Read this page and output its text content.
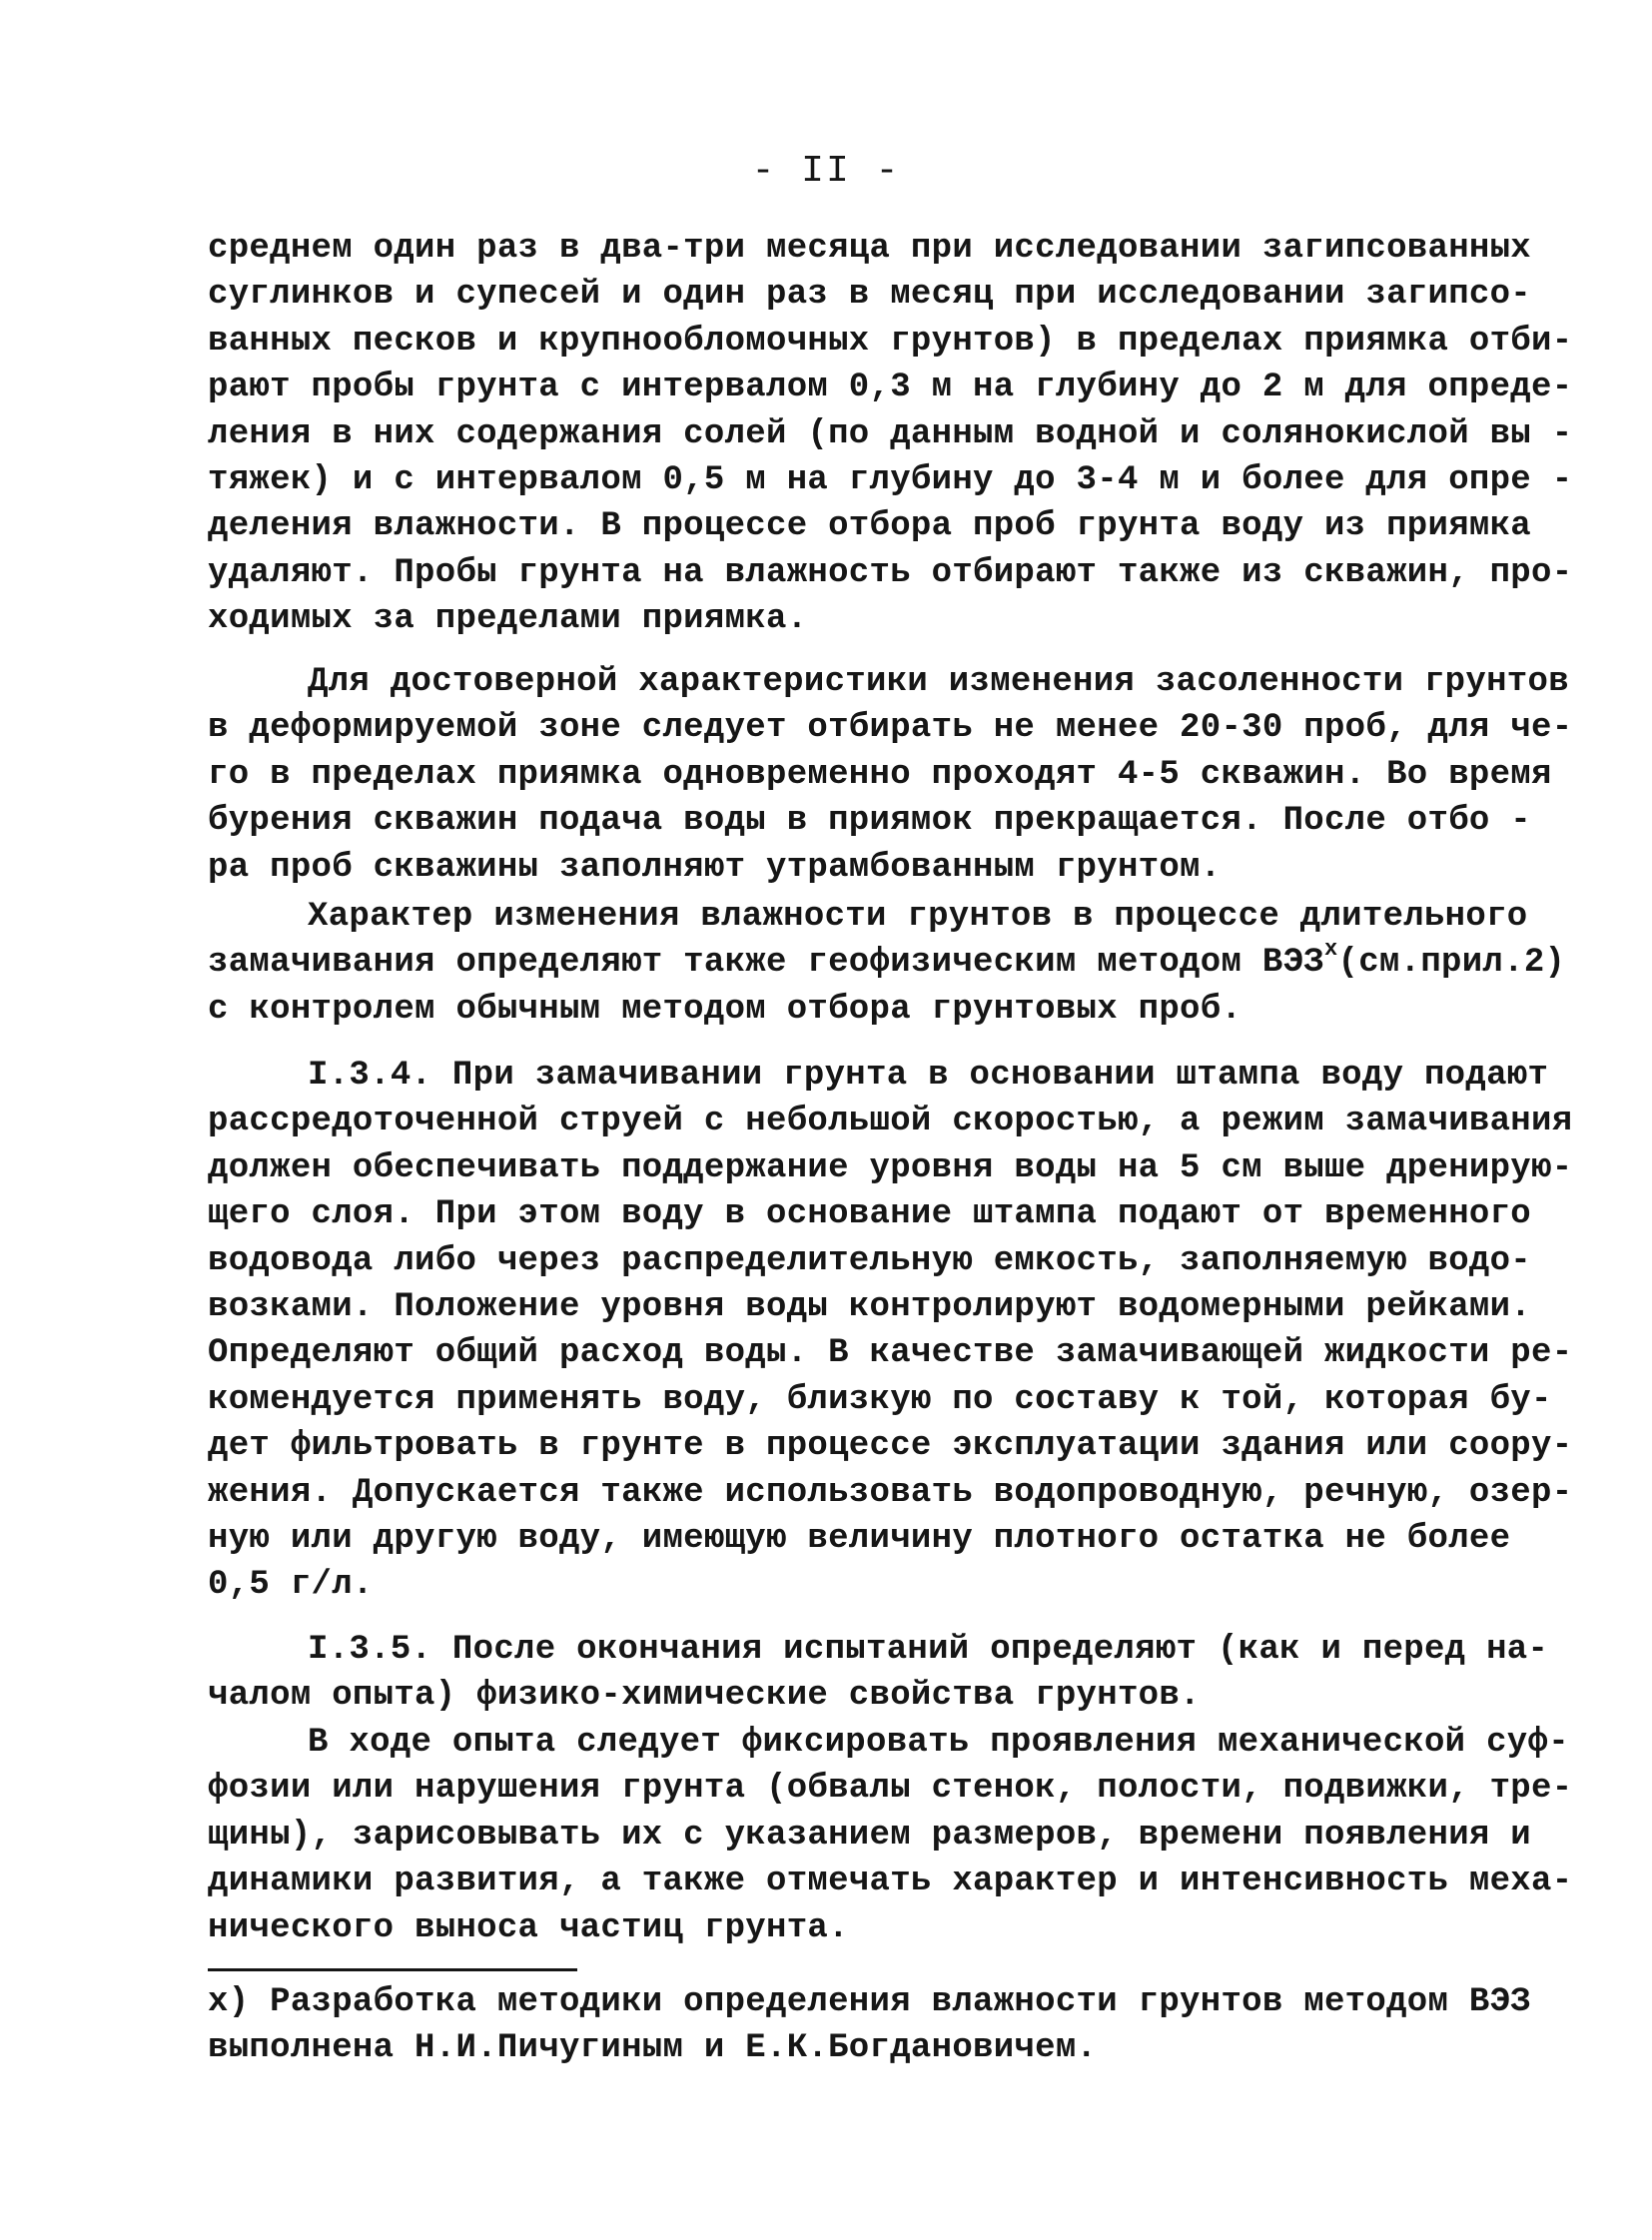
- II -
среднем один раз в два-три месяца при исследовании загипсованных
суглинков и супесей и один раз в месяц при исследовании загипсо-
ванных песков и крупнообломочных грунтов) в пределах приямка отби-
рают пробы грунта с интервалом 0,3 м на глубину до 2 м для опреде-
ления в них содержания солей (по данным водной и солянокислой вы -
тяжек) и с интервалом 0,5 м на глубину до 3-4 м и более для опре -
деления влажности. В процессе отбора проб грунта воду из приямка
удаляют. Пробы грунта на влажность отбирают также из скважин, про-
ходимых за пределами приямка.
Для достоверной характеристики изменения засоленности грунтов
в деформируемой зоне следует отбирать не менее 20-30 проб, для че-
го в пределах приямка одновременно проходят 4-5 скважин. Во время
бурения скважин подача воды в приямок прекращается. После отбо -
ра проб скважины заполняют утрамбованным грунтом.
Характер изменения влажности грунтов в процессе длительного
замачивания определяют также геофизическим методом $ВЭЗ^х(см.прил.2)$
с контролем обычным методом отбора грунтовых проб.
I.3.4. При замачивании грунта в основании штампа воду подают
рассредоточенной струей с небольшой скоростью, а режим замачивания
должен обеспечивать поддержание уровня воды на 5 см выше дренирую-
щего слоя. При этом воду в основание штампа подают от временного
водовода либо через распределительную емкость, заполняемую водо-
возками. Положение уровня воды контролируют водомерными рейками.
Определяют общий расход воды. В качестве замачивающей жидкости ре-
комендуется применять воду, близкую по составу к той, которая бу-
дет фильтровать в грунте в процессе эксплуатации здания или соору-
жения. Допускается также использовать водопроводную, речную, озер-
ную или другую воду, имеющую величину плотного остатка не более
0,5 г/л.
I.3.5. После окончания испытаний определяют (как и перед на-
чалом опыта) физико-химические свойства грунтов.
В ходе опыта следует фиксировать проявления механической суф-
фозии или нарушения грунта (обвалы стенок, полости, подвижки, тре-
щины), зарисовывать их с указанием размеров, времени появления и
динамики развития, а также отмечать характер и интенсивность меха-
нического выноса частиц грунта.
х) Разработка методики определения влажности грунтов методом ВЭЗ
выполнена Н.И.Пичугиным и Е.К.Богдановичем.
